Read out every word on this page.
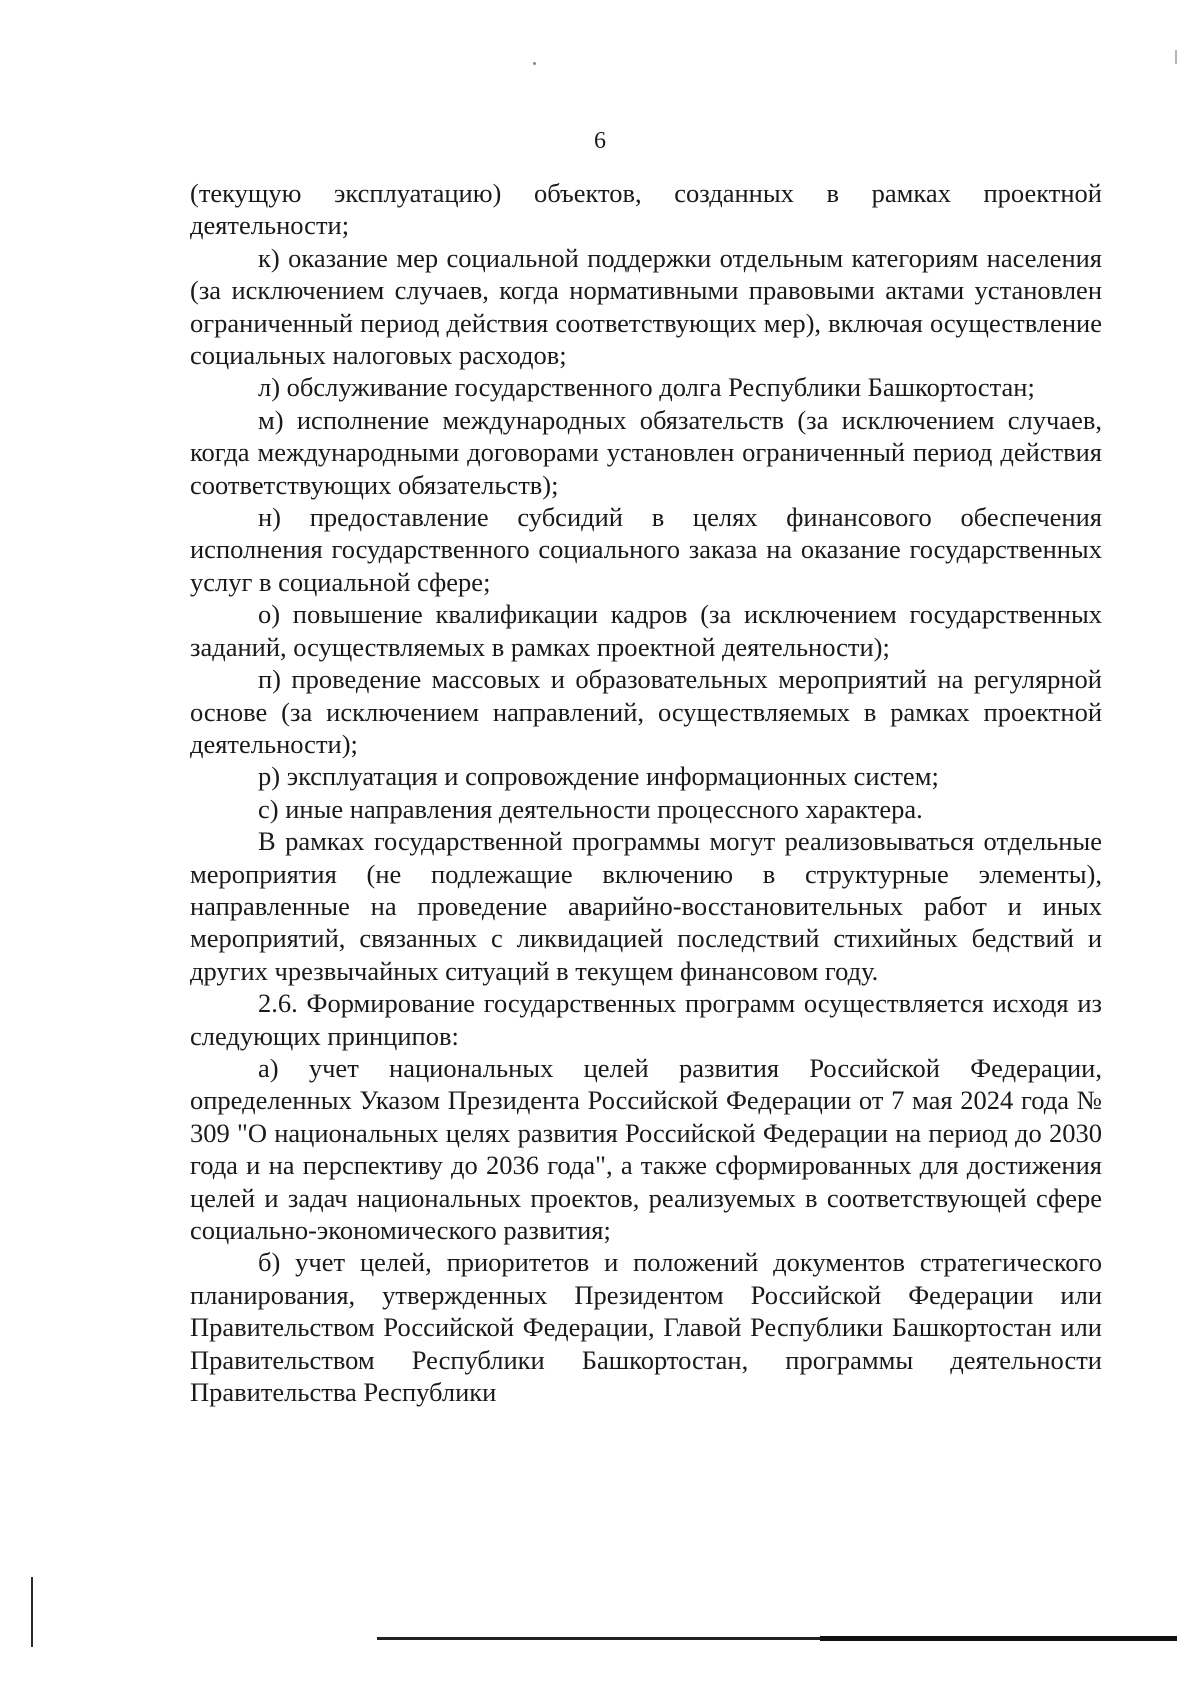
6

(текущую эксплуатацию) объектов, созданных в рамках проектной деятельности;

к) оказание мер социальной поддержки отдельным категориям населения (за исключением случаев, когда нормативными правовыми актами установлен ограниченный период действия соответствующих мер), включая осуществление социальных налоговых расходов;

л) обслуживание государственного долга Республики Башкортостан;

м) исполнение международных обязательств (за исключением случаев, когда международными договорами установлен ограниченный период действия соответствующих обязательств);

н) предоставление субсидий в целях финансового обеспечения исполнения государственного социального заказа на оказание государственных услуг в социальной сфере;

о) повышение квалификации кадров (за исключением государственных заданий, осуществляемых в рамках проектной деятельности);

п) проведение массовых и образовательных мероприятий на регулярной основе (за исключением направлений, осуществляемых в рамках проектной деятельности);

р) эксплуатация и сопровождение информационных систем;

с) иные направления деятельности процессного характера.

В рамках государственной программы могут реализовываться отдельные мероприятия (не подлежащие включению в структурные элементы), направленные на проведение аварийно-восстановительных работ и иных мероприятий, связанных с ликвидацией последствий стихийных бедствий и других чрезвычайных ситуаций в текущем финансовом году.

2.6. Формирование государственных программ осуществляется исходя из следующих принципов:

а) учет национальных целей развития Российской Федерации, определенных Указом Президента Российской Федерации от 7 мая 2024 года № 309 "О национальных целях развития Российской Федерации на период до 2030 года и на перспективу до 2036 года", а также сформированных для достижения целей и задач национальных проектов, реализуемых в соответствующей сфере социально-экономического развития;

б) учет целей, приоритетов и положений документов стратегического планирования, утвержденных Президентом Российской Федерации или Правительством Российской Федерации, Главой Республики Башкортостан или Правительством Республики Башкортостан, программы деятельности Правительства Республики
